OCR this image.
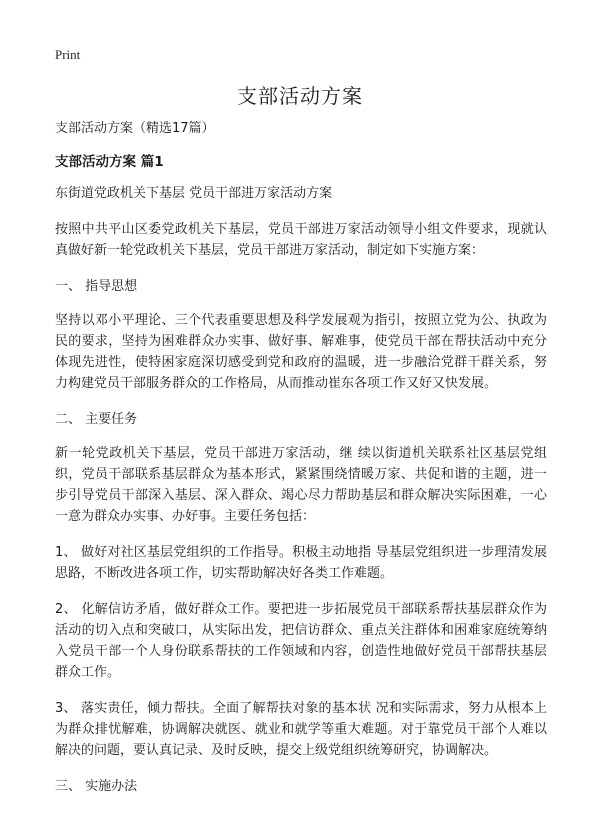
Print
支部活动方案

支部活动方案（精选17篇）

支部活动方案 篇1

东街道党政机关下基层 党员干部进万家活动方案

按照中共平山区委党政机关下基层，党员干部进万家活动领导小组文件要求，现就认真做好新一轮党政机关下基层，党员干部进万家活动，制定如下实施方案：

一、 指导思想

坚持以邓小平理论、三个代表重要思想及科学发展观为指引，按照立党为公、执政为民的要求，坚持为困难群众办实事、做好事、解难事，使党员干部在帮扶活动中充分体现先进性，使特困家庭深切感受到党和政府的温暖，进一步融洽党群干群关系，努力构建党员干部服务群众的工作格局，从而推动崔东各项工作又好又快发展。

二、 主要任务

新一轮党政机关下基层，党员干部进万家活动，继 续以街道机关联系社区基层党组织，党员干部联系基层群众为基本形式，紧紧围绕情暖万家、共促和谐的主题，进一步引导党员干部深入基层、深入群众、竭心尽力帮助基层和群众解决实际困难，一心一意为群众办实事、办好事。主要任务包括：

1、 做好对社区基层党组织的工作指导。积极主动地指 导基层党组织进一步理清发展思路，不断改进各项工作，切实帮助解决好各类工作难题。

2、 化解信访矛盾，做好群众工作。要把进一步拓展党员干部联系帮扶基层群众作为活动的切入点和突破口，从实际出发，把信访群众、重点关注群体和困难家庭统筹纳入党员干部一个人身份联系帮扶的工作领域和内容，创造性地做好党员干部帮扶基层群众工作。

3、 落实责任，倾力帮扶。全面了解帮扶对象的基本状 况和实际需求，努力从根本上为群众排忧解难，协调解决就医、就业和就学等重大难题。对于靠党员干部个人难以解决的问题，要认真记录、及时反映，提交上级党组织统筹研究，协调解决。

三、 实施办法
